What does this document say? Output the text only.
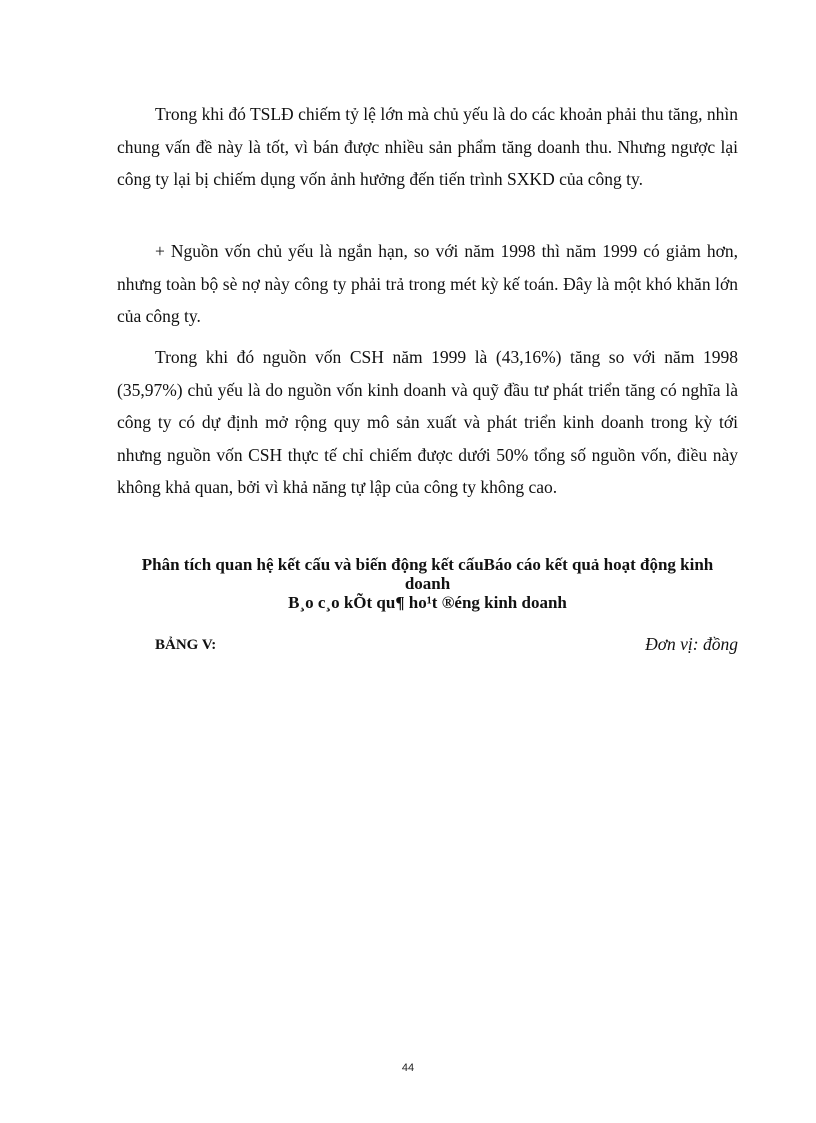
Trong khi đó TSLĐ chiếm tỷ lệ lớn mà chủ yếu là do các khoản phải thu tăng, nhìn chung vấn đề này là tốt, vì bán được nhiều sản phẩm tăng doanh thu. Nhưng ngược lại công ty lại bị chiếm dụng vốn ảnh hưởng đến tiến trình SXKD của công ty.

+ Nguồn vốn chủ yếu là ngắn hạn, so với năm 1998 thì năm 1999 có giảm hơn, nhưng toàn bộ sè nợ này công ty phải trả trong mét kỳ kế toán. Đây là một khó khăn lớn của công ty.

Trong khi đó nguồn vốn CSH năm 1999 là (43,16%) tăng so với năm 1998 (35,97%) chủ yếu là do nguồn vốn kinh doanh và quỹ đầu tư phát triển tăng có nghĩa là công ty có dự định mở rộng quy mô sản xuất và phát triển kinh doanh trong kỳ tới nhưng nguồn vốn CSH thực tế chỉ chiếm được dưới 50% tổng số nguồn vốn, điều này không khả quan, bởi vì khả năng tự lập của công ty không cao.

Phân tích quan hệ kết cấu và biến động kết cấuBáo cáo kết quả hoạt động kinh doanh
B¸o c¸o kÕt qu¶ ho¹t ®éng kinh doanh
BẢNG V:	Đơn vị: đồng
44
